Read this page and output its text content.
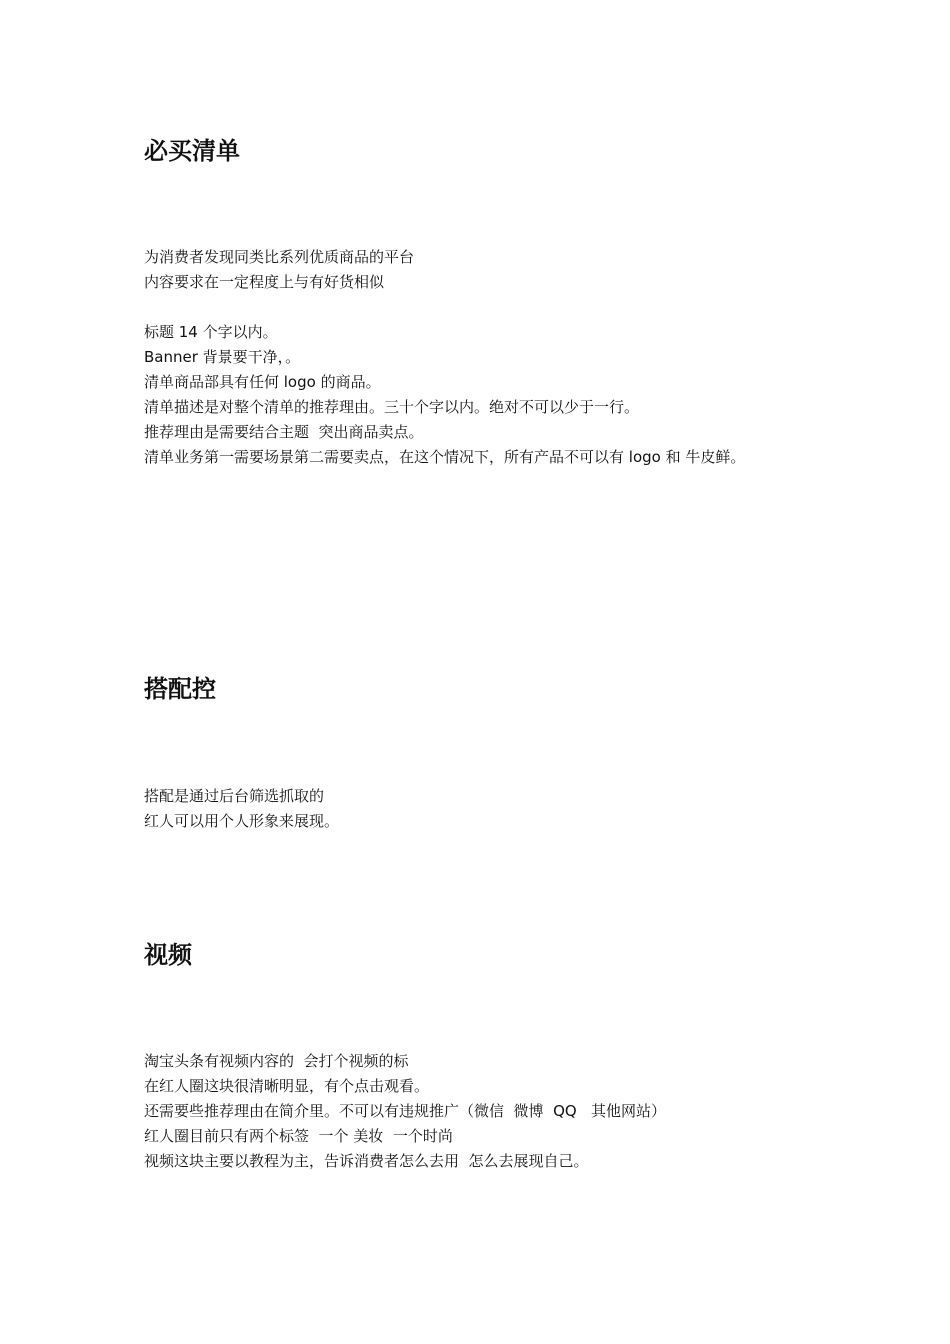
必买清单
为消费者发现同类比系列优质商品的平台
内容要求在一定程度上与有好货相似
标题 14 个字以内。
Banner 背景要干净，。
清单商品部具有任何 logo 的商品。
清单描述是对整个清单的推荐理由。三十个字以内。绝对不可以少于一行。
推荐理由是需要结合主题  突出商品卖点。
清单业务第一需要场景第二需要卖点，在这个情况下，所有产品不可以有 logo 和 牛皮鲜。
搭配控
搭配是通过后台筛选抓取的
红人可以用个人形象来展现。
视频
淘宝头条有视频内容的  会打个视频的标
在红人圈这块很清晰明显，有个点击观看。
还需要些推荐理由在简介里。不可以有违规推广（微信  微博  QQ   其他网站）
红人圈目前只有两个标签  一个 美妆  一个时尚
视频这块主要以教程为主，告诉消费者怎么去用  怎么去展现自己。
